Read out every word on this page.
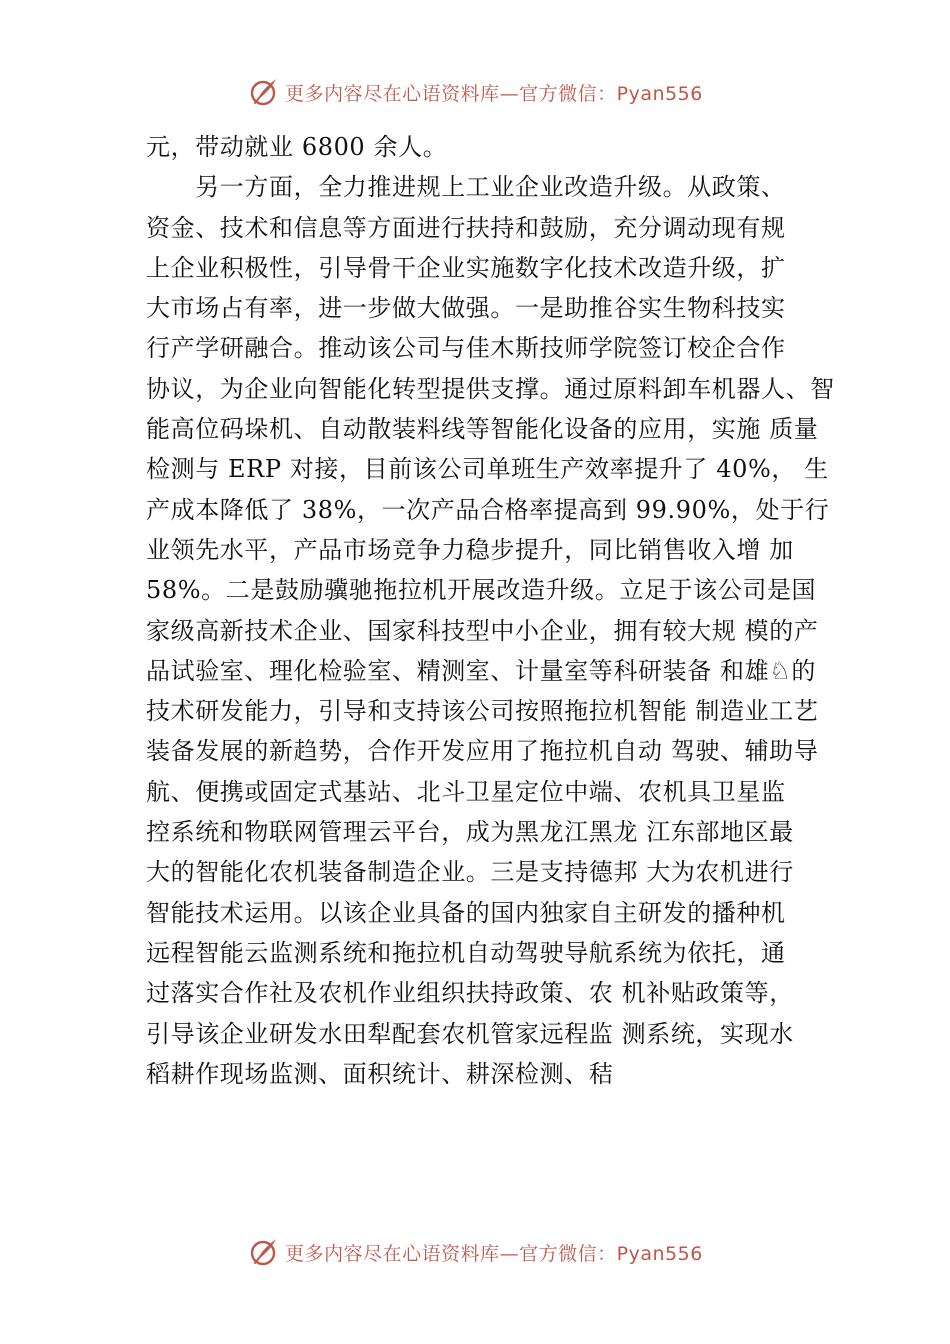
更多内容尽在心语资料库—官方微信：Pyan556
元，带动就业 6800 余人。
　　另一方面，全力推进规上工业企业改造升级。从政策、
资金、技术和信息等方面进行扶持和鼓励，充分调动现有规
上企业积极性，引导骨干企业实施数字化技术改造升级，扩
大市场占有率，进一步做大做强。一是助推谷实生物科技实
行产学研融合。推动该公司与佳木斯技师学院签订校企合作
协议，为企业向智能化转型提供支撑。通过原料卸车机器人、智
能高位码垛机、自动散装料线等智能化设备的应用，实施 质量
检测与 ERP 对接，目前该公司单班生产效率提升了 40%， 生
产成本降低了 38%，一次产品合格率提高到 99.90%，处于行
业领先水平，产品市场竞争力稳步提升，同比销售收入增 加
58%。二是鼓励骥驰拖拉机开展改造升级。立足于该公司是国
家级高新技术企业、国家科技型中小企业，拥有较大规 模的产
品试验室、理化检验室、精测室、计量室等科研装备 和雄♘的
技术研发能力，引导和支持该公司按照拖拉机智能 制造业工艺
装备发展的新趋势，合作开发应用了拖拉机自动 驾驶、辅助导
航、便携或固定式基站、北斗卫星定位中端、农机具卫星监
控系统和物联网管理云平台，成为黑龙江黑龙 江东部地区最
大的智能化农机装备制造企业。三是支持德邦 大为农机进行
智能技术运用。以该企业具备的国内独家自主研发的播种机
远程智能云监测系统和拖拉机自动驾驶导航系统为依托，通
过落实合作社及农机作业组织扶持政策、农 机补贴政策等，
引导该企业研发水田犁配套农机管家远程监 测系统，实现水
稻耕作现场监测、面积统计、耕深检测、秸
更多内容尽在心语资料库—官方微信：Pyan556
